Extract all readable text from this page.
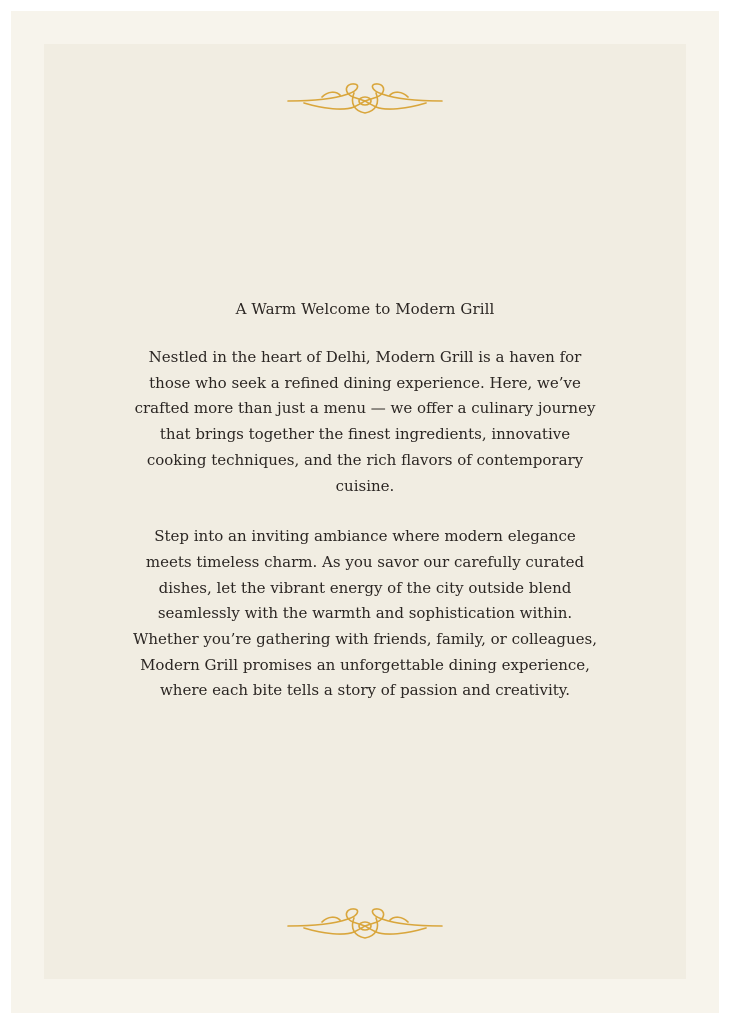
A Warm Welcome to Modern Grill

Nestled in the heart of Delhi, Modern Grill is a haven for those who seek a refined dining experience. Here, we’ve crafted more than just a menu — we offer a culinary journey that brings together the finest ingredients, innovative cooking techniques, and the rich flavors of contemporary cuisine.

Step into an inviting ambiance where modern elegance meets timeless charm. As you savor our carefully curated dishes, let the vibrant energy of the city outside blend seamlessly with the warmth and sophistication within. Whether you’re gathering with friends, family, or colleagues, Modern Grill promises an unforgettable dining experience, where each bite tells a story of passion and creativity.
